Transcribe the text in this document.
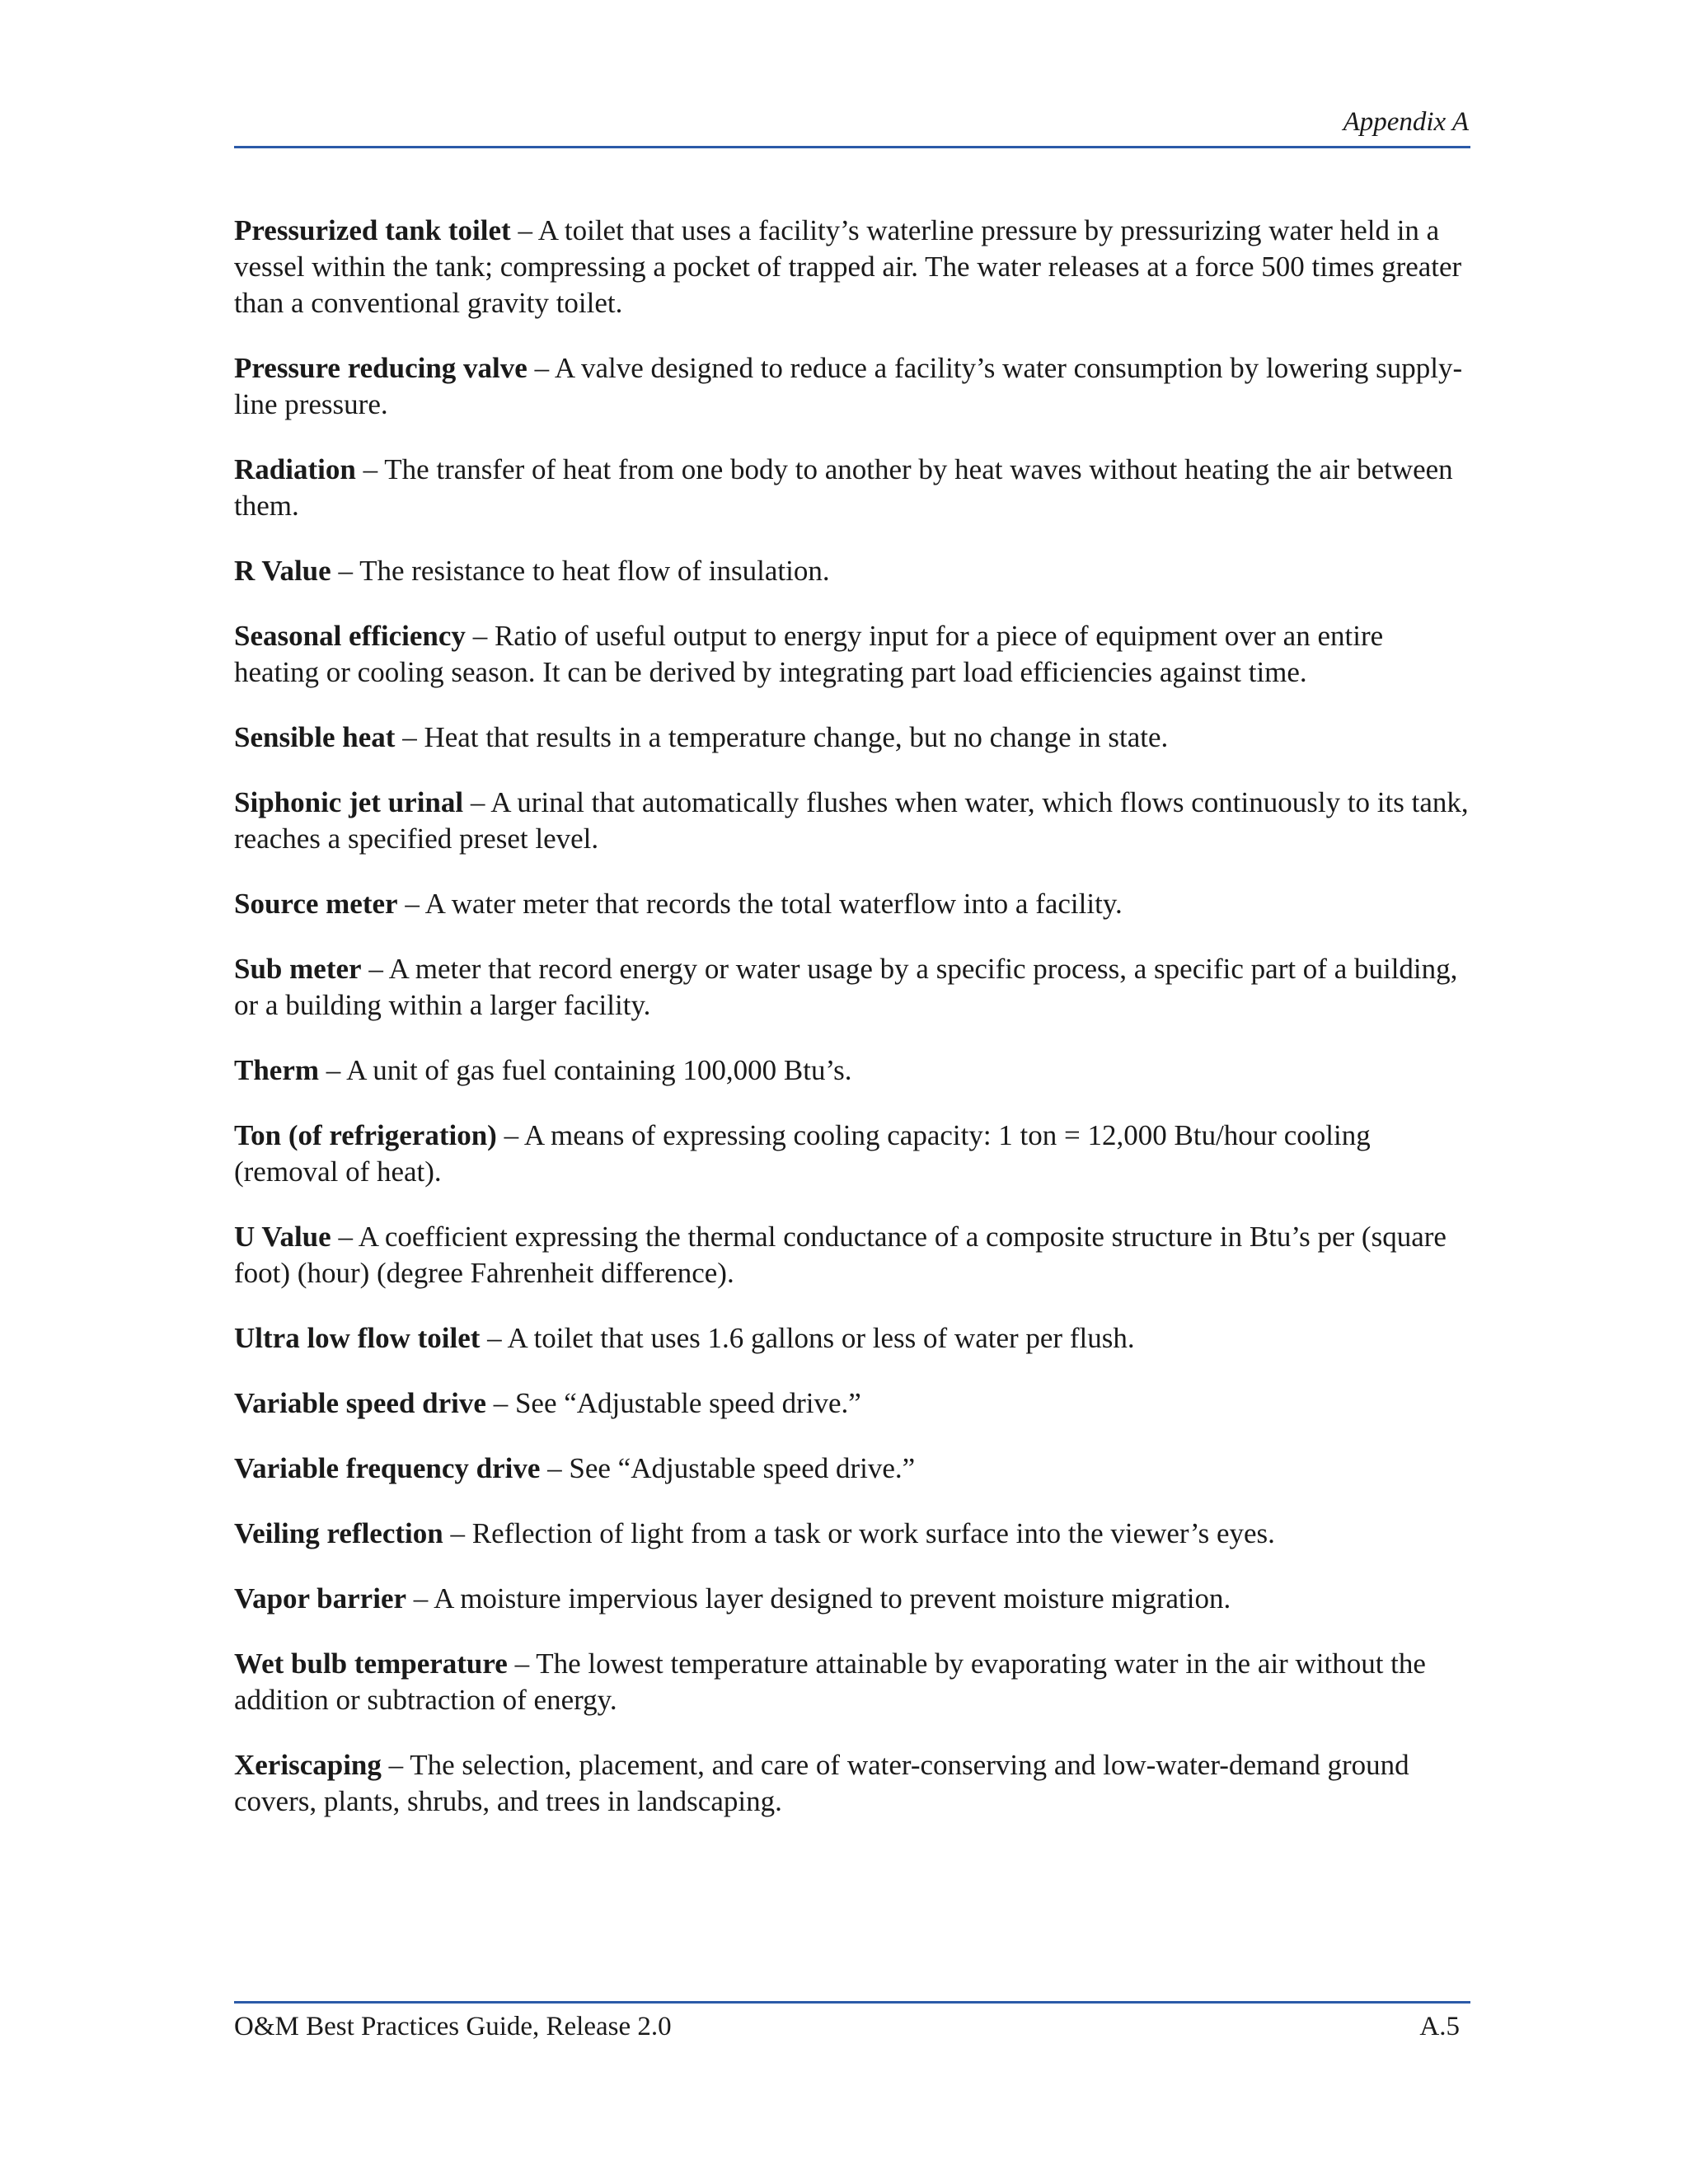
Appendix A

Pressurized tank toilet – A toilet that uses a facility’s waterline pressure by pressurizing water held in a vessel within the tank; compressing a pocket of trapped air. The water releases at a force 500 times greater than a conventional gravity toilet.

Pressure reducing valve – A valve designed to reduce a facility’s water consumption by lowering supply-line pressure.

Radiation – The transfer of heat from one body to another by heat waves without heating the air between them.

R Value – The resistance to heat flow of insulation.

Seasonal efficiency – Ratio of useful output to energy input for a piece of equipment over an entire heating or cooling season. It can be derived by integrating part load efficiencies against time.

Sensible heat – Heat that results in a temperature change, but no change in state.

Siphonic jet urinal – A urinal that automatically flushes when water, which flows continuously to its tank, reaches a specified preset level.

Source meter – A water meter that records the total waterflow into a facility.

Sub meter – A meter that record energy or water usage by a specific process, a specific part of a building, or a building within a larger facility.

Therm – A unit of gas fuel containing 100,000 Btu’s.

Ton (of refrigeration) – A means of expressing cooling capacity: 1 ton = 12,000 Btu/hour cooling (removal of heat).

U Value – A coefficient expressing the thermal conductance of a composite structure in Btu’s per (square foot) (hour) (degree Fahrenheit difference).

Ultra low flow toilet – A toilet that uses 1.6 gallons or less of water per flush.

Variable speed drive – See “Adjustable speed drive.”

Variable frequency drive – See “Adjustable speed drive.”

Veiling reflection – Reflection of light from a task or work surface into the viewer’s eyes.

Vapor barrier – A moisture impervious layer designed to prevent moisture migration.

Wet bulb temperature – The lowest temperature attainable by evaporating water in the air without the addition or subtraction of energy.

Xeriscaping – The selection, placement, and care of water-conserving and low-water-demand ground covers, plants, shrubs, and trees in landscaping.

O&M Best Practices Guide, Release 2.0	A.5
